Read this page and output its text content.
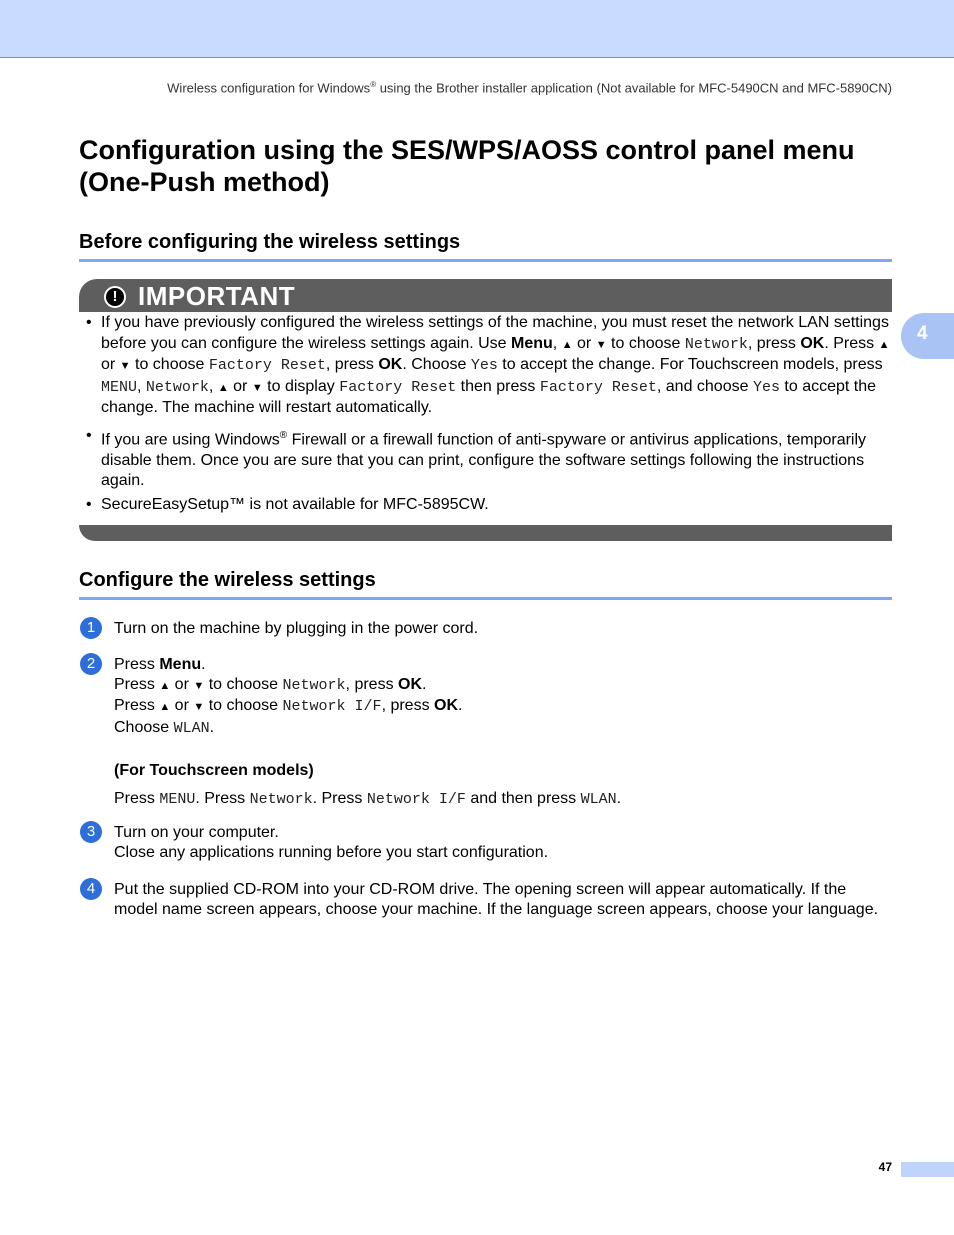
Wireless configuration for Windows® using the Brother installer application (Not available for MFC-5490CN and MFC-5890CN)
4
Configuration using the SES/WPS/AOSS control panel menu (One-Push method)
Before configuring the wireless settings
! IMPORTANT
• If you have previously configured the wireless settings of the machine, you must reset the network LAN settings before you can configure the wireless settings again. Use Menu, ▲ or ▼ to choose Network, press OK. Press ▲ or ▼ to choose Factory Reset, press OK. Choose Yes to accept the change. For Touchscreen models, press MENU, Network, ▲ or ▼ to display Factory Reset then press Factory Reset, and choose Yes to accept the change. The machine will restart automatically.
• If you are using Windows® Firewall or a firewall function of anti-spyware or antivirus applications, temporarily disable them. Once you are sure that you can print, configure the software settings following the instructions again.
• SecureEasySetup™ is not available for MFC-5895CW.
Configure the wireless settings
1	Turn on the machine by plugging in the power cord.
2	Press Menu.
Press ▲ or ▼ to choose Network, press OK.
Press ▲ or ▼ to choose Network I/F, press OK.
Choose WLAN.
(For Touchscreen models)
Press MENU. Press Network. Press Network I/F and then press WLAN.
3	Turn on your computer.
Close any applications running before you start configuration.
4	Put the supplied CD-ROM into your CD-ROM drive. The opening screen will appear automatically. If the model name screen appears, choose your machine. If the language screen appears, choose your language.
47
